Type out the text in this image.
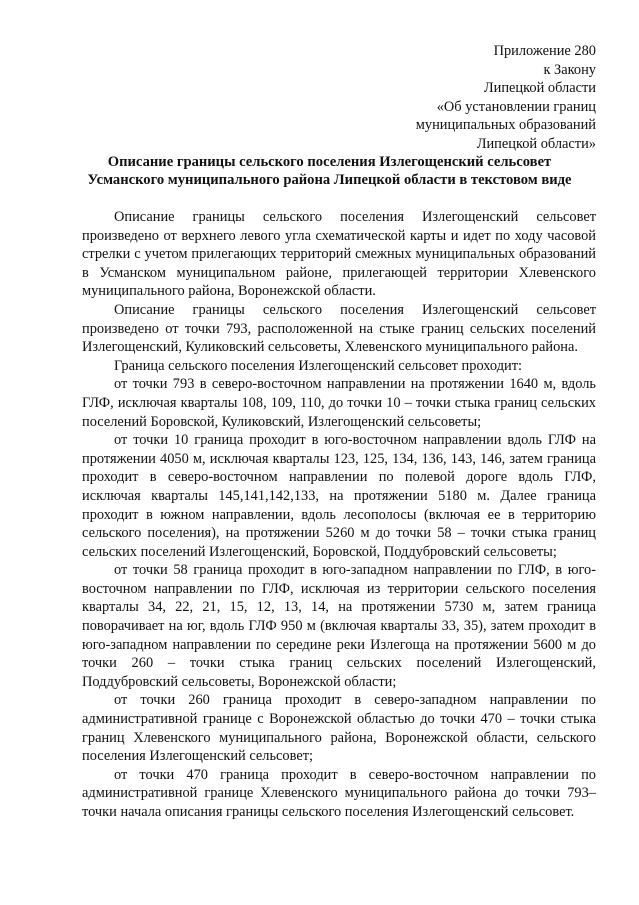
Приложение 280
к Закону
Липецкой области
«Об установлении границ
муниципальных образований
Липецкой области»
Описание границы сельского поселения Излегощенский сельсовет
Усманского муниципального района Липецкой области в текстовом виде

Описание границы сельского поселения Излегощенский сельсовет произведено от верхнего левого угла схематической карты и идет по ходу часовой стрелки с учетом прилегающих территорий смежных муниципальных образований в Усманском муниципальном районе, прилегающей территории Хлевенского муниципального района, Воронежской области.

Описание границы сельского поселения Излегощенский сельсовет произведено от точки 793, расположенной на стыке границ сельских поселений Излегощенский, Куликовский сельсоветы, Хлевенского муниципального района.

Граница сельского поселения Излегощенский сельсовет проходит:

от точки 793 в северо-восточном направлении на протяжении 1640 м, вдоль ГЛФ, исключая кварталы 108, 109, 110, до точки 10 – точки стыка границ сельских поселений Боровской, Куликовский, Излегощенский сельсоветы;

от точки 10 граница проходит в юго-восточном направлении вдоль ГЛФ на протяжении 4050 м, исключая кварталы 123, 125, 134, 136, 143, 146, затем граница проходит в северо-восточном направлении по полевой дороге вдоль ГЛФ, исключая кварталы 145,141,142,133, на протяжении 5180 м. Далее граница проходит в южном направлении, вдоль лесополосы (включая ее в территорию сельского поселения), на протяжении 5260 м до точки 58 – точки стыка границ сельских поселений Излегощенский, Боровской, Поддубровский сельсоветы;

от точки 58 граница проходит в юго-западном направлении по ГЛФ, в юго-восточном направлении по ГЛФ, исключая из территории сельского поселения кварталы 34, 22, 21, 15, 12, 13, 14, на протяжении 5730 м, затем граница поворачивает на юг, вдоль ГЛФ 950 м (включая кварталы 33, 35), затем проходит в юго-западном направлении по середине реки Излегоща на протяжении 5600 м до точки 260 – точки стыка границ сельских поселений Излегощенский, Поддубровский сельсоветы, Воронежской области;

от точки 260 граница проходит в северо-западном направлении по административной границе с Воронежской областью до точки 470 – точки стыка границ Хлевенского муниципального района, Воронежской области, сельского поселения Излегощенский сельсовет;

от точки 470 граница проходит в северо-восточном направлении по административной границе Хлевенского муниципального района до точки 793– точки начала описания границы сельского поселения Излегощенский сельсовет.
